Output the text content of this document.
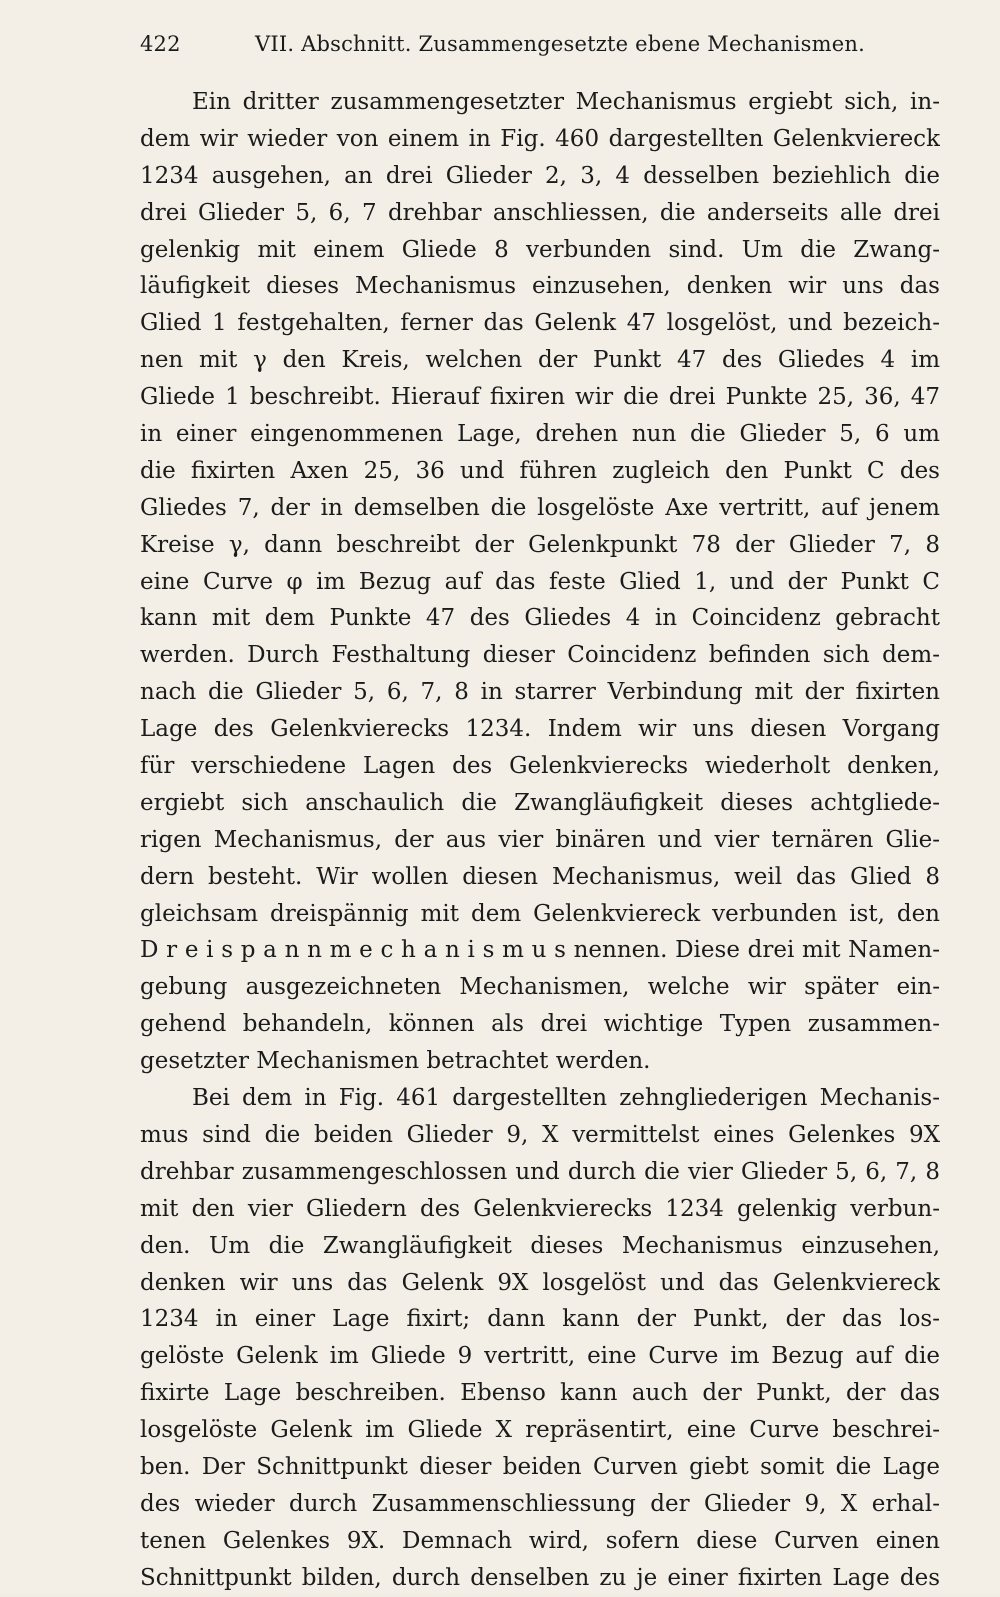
422	VII. Abschnitt. Zusammengesetzte ebene Mechanismen.
Ein dritter zusammengesetzter Mechanismus ergiebt sich, in-
dem wir wieder von einem in Fig. 460 dargestellten Gelenkviereck
1234 ausgehen, an drei Glieder 2, 3, 4 desselben beziehlich die
drei Glieder 5, 6, 7 drehbar anschliessen, die anderseits alle drei
gelenkig mit einem Gliede 8 verbunden sind. Um die Zwang-
läufigkeit dieses Mechanismus einzusehen, denken wir uns das
Glied 1 festgehalten, ferner das Gelenk 47 losgelöst, und bezeich-
nen mit γ den Kreis, welchen der Punkt 47 des Gliedes 4 im
Gliede 1 beschreibt. Hierauf fixiren wir die drei Punkte 25, 36, 47
in einer eingenommenen Lage, drehen nun die Glieder 5, 6 um
die fixirten Axen 25, 36 und führen zugleich den Punkt C des
Gliedes 7, der in demselben die losgelöste Axe vertritt, auf jenem
Kreise γ, dann beschreibt der Gelenkpunkt 78 der Glieder 7, 8
eine Curve φ im Bezug auf das feste Glied 1, und der Punkt C
kann mit dem Punkte 47 des Gliedes 4 in Coincidenz gebracht
werden. Durch Festhaltung dieser Coincidenz befinden sich dem-
nach die Glieder 5, 6, 7, 8 in starrer Verbindung mit der fixirten
Lage des Gelenkvierecks 1234. Indem wir uns diesen Vorgang
für verschiedene Lagen des Gelenkvierecks wiederholt denken,
ergiebt sich anschaulich die Zwangläufigkeit dieses achtgliede-
rigen Mechanismus, der aus vier binären und vier ternären Glie-
dern besteht. Wir wollen diesen Mechanismus, weil das Glied 8
gleichsam dreispännig mit dem Gelenkviereck verbunden ist, den
D r e i s p a n n m e c h a n i s m u s nennen. Diese drei mit Namen-
gebung ausgezeichneten Mechanismen, welche wir später ein-
gehend behandeln, können als drei wichtige Typen zusammen-
gesetzter Mechanismen betrachtet werden.
Bei dem in Fig. 461 dargestellten zehngliederigen Mechanis-
mus sind die beiden Glieder 9, X vermittelst eines Gelenkes 9X
drehbar zusammengeschlossen und durch die vier Glieder 5, 6, 7, 8
mit den vier Gliedern des Gelenkvierecks 1234 gelenkig verbun-
den. Um die Zwangläufigkeit dieses Mechanismus einzusehen,
denken wir uns das Gelenk 9X losgelöst und das Gelenkviereck
1234 in einer Lage fixirt; dann kann der Punkt, der das los-
gelöste Gelenk im Gliede 9 vertritt, eine Curve im Bezug auf die
fixirte Lage beschreiben. Ebenso kann auch der Punkt, der das
losgelöste Gelenk im Gliede X repräsentirt, eine Curve beschrei-
ben. Der Schnittpunkt dieser beiden Curven giebt somit die Lage
des wieder durch Zusammenschliessung der Glieder 9, X erhal-
tenen Gelenkes 9X. Demnach wird, sofern diese Curven einen
Schnittpunkt bilden, durch denselben zu je einer fixirten Lage des
